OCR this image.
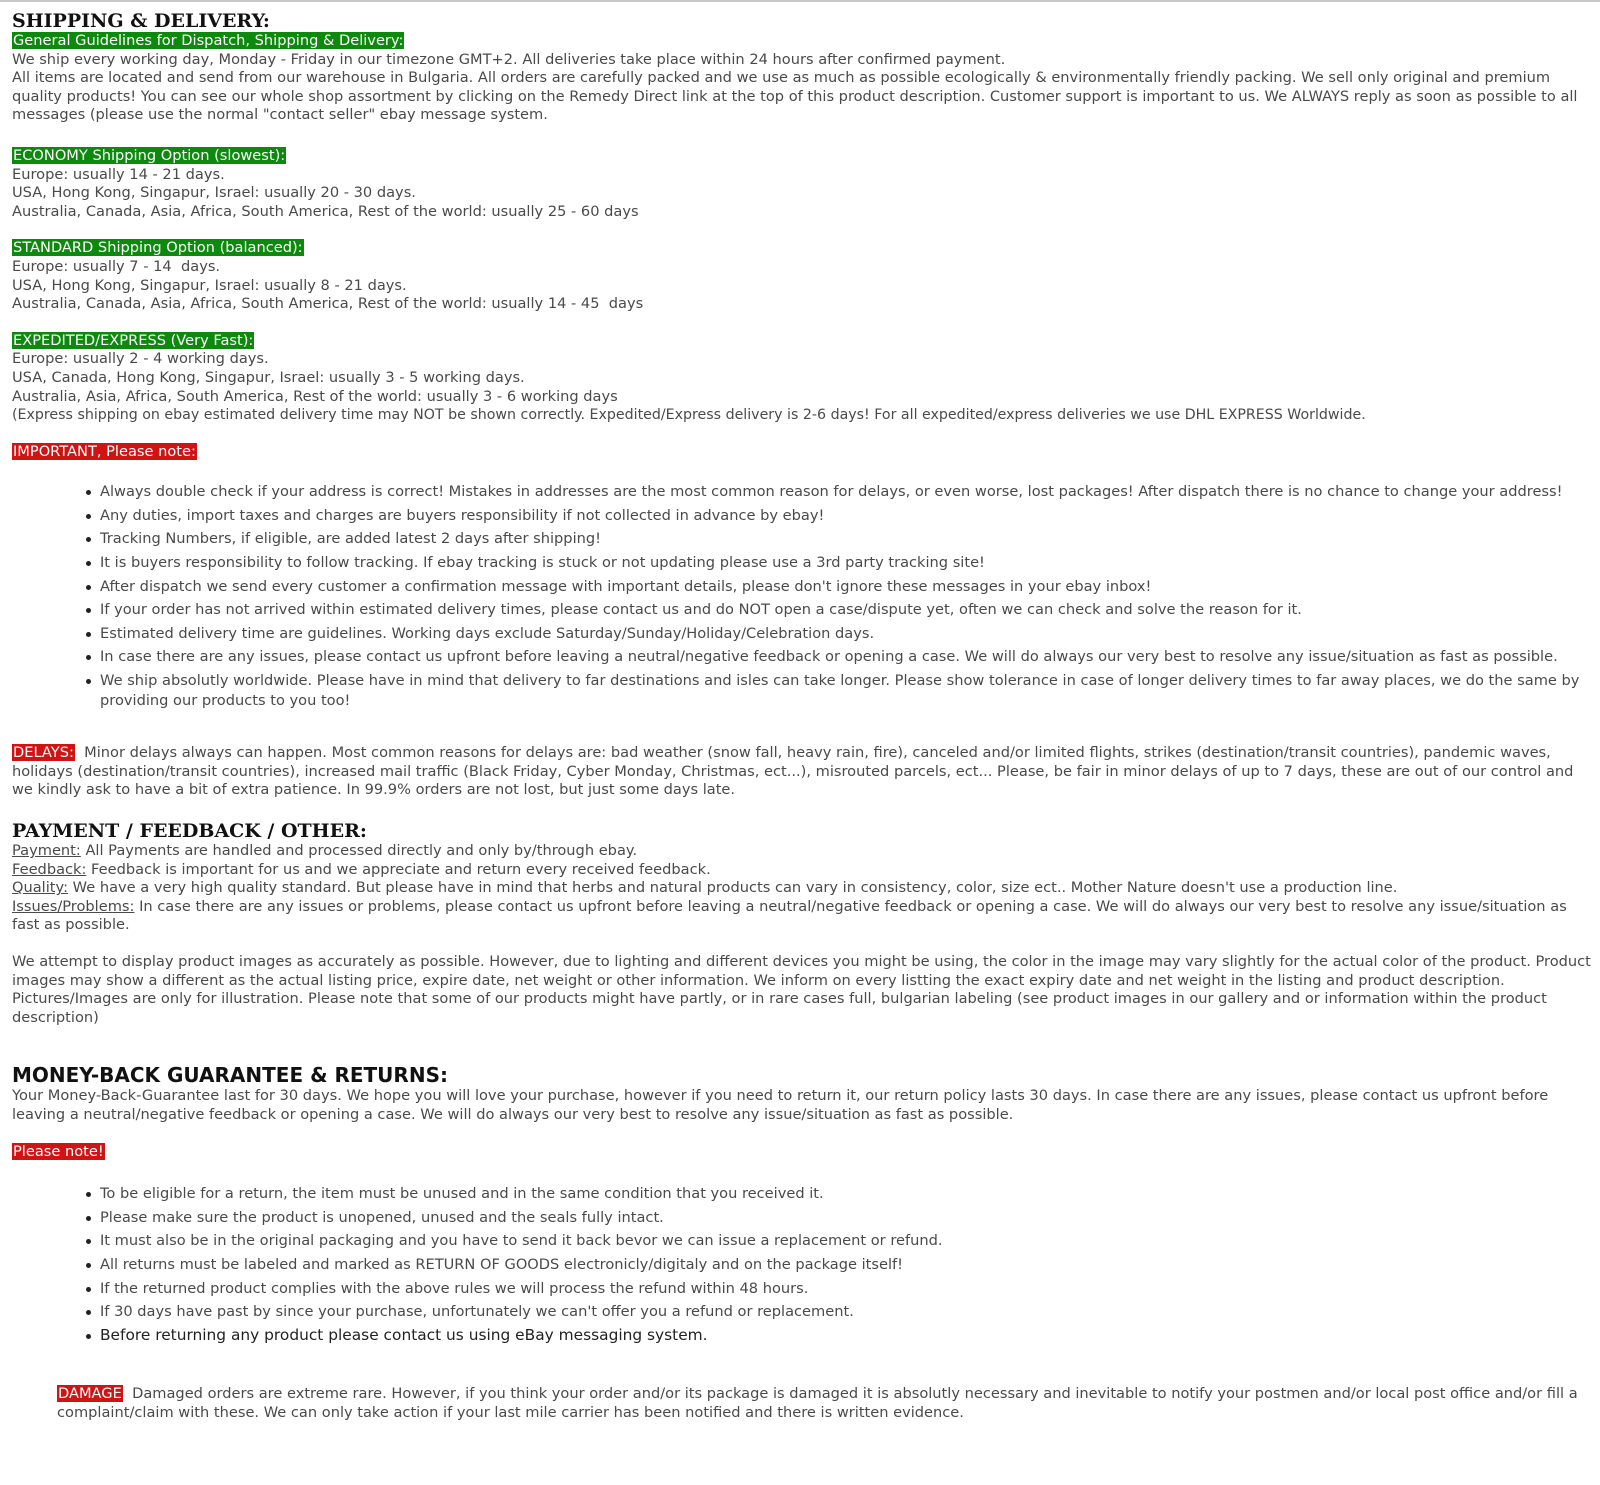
SHIPPING & DELIVERY:

General Guidelines for Dispatch, Shipping & Delivery:

We ship every working day, Monday - Friday in our timezone GMT+2. All deliveries take place within 24 hours after confirmed payment.

All items are located and send from our warehouse in Bulgaria. All orders are carefully packed and we use as much as possible ecologically & environmentally friendly packing. We sell only original and premium quality products! You can see our whole shop assortment by clicking on the Remedy Direct link at the top of this product description. Customer support is important to us. We ALWAYS reply as soon as possible to all messages (please use the normal "contact seller" ebay message system.

ECONOMY Shipping Option (slowest):

Europe: usually 14 - 21 days.

USA, Hong Kong, Singapur, Israel: usually 20 - 30 days.

Australia, Canada, Asia, Africa, South America, Rest of the world: usually 25 - 60 days

STANDARD Shipping Option (balanced):

Europe: usually 7 - 14  days.

USA, Hong Kong, Singapur, Israel: usually 8 - 21 days.

Australia, Canada, Asia, Africa, South America, Rest of the world: usually 14 - 45  days

EXPEDITED/EXPRESS (Very Fast):

Europe: usually 2 - 4 working days.

USA, Canada, Hong Kong, Singapur, Israel: usually 3 - 5 working days.

Australia, Asia, Africa, South America, Rest of the world: usually 3 - 6 working days

(Express shipping on ebay estimated delivery time may NOT be shown correctly. Expedited/Express delivery is 2-6 days! For all expedited/express deliveries we use DHL EXPRESS Worldwide.

IMPORTANT, Please note:

Always double check if your address is correct! Mistakes in addresses are the most common reason for delays, or even worse, lost packages! After dispatch there is no chance to change your address!
Any duties, import taxes and charges are buyers responsibility if not collected in advance by ebay!
Tracking Numbers, if eligible, are added latest 2 days after shipping!
It is buyers responsibility to follow tracking. If ebay tracking is stuck or not updating please use a 3rd party tracking site!
After dispatch we send every customer a confirmation message with important details, please don't ignore these messages in your ebay inbox!
If your order has not arrived within estimated delivery times, please contact us and do NOT open a case/dispute yet, often we can check and solve the reason for it.
Estimated delivery time are guidelines. Working days exclude Saturday/Sunday/Holiday/Celebration days.
In case there are any issues, please contact us upfront before leaving a neutral/negative feedback or opening a case. We will do always our very best to resolve any issue/situation as fast as possible.
We ship absolutly worldwide. Please have in mind that delivery to far destinations and isles can take longer. Please show tolerance in case of longer delivery times to far away places, we do the same by providing our products to you too!

DELAYS: Minor delays always can happen. Most common reasons for delays are: bad weather (snow fall, heavy rain, fire), canceled and/or limited flights, strikes (destination/transit countries), pandemic waves, holidays (destination/transit countries), increased mail traffic (Black Friday, Cyber Monday, Christmas, ect...), misrouted parcels, ect... Please, be fair in minor delays of up to 7 days, these are out of our control and we kindly ask to have a bit of extra patience. In 99.9% orders are not lost, but just some days late.

PAYMENT / FEEDBACK / OTHER:

Payment: All Payments are handled and processed directly and only by/through ebay.

Feedback: Feedback is important for us and we appreciate and return every received feedback.

Quality: We have a very high quality standard. But please have in mind that herbs and natural products can vary in consistency, color, size ect.. Mother Nature doesn't use a production line.

Issues/Problems: In case there are any issues or problems, please contact us upfront before leaving a neutral/negative feedback or opening a case. We will do always our very best to resolve any issue/situation as fast as possible.

We attempt to display product images as accurately as possible. However, due to lighting and different devices you might be using, the color in the image may vary slightly for the actual color of the product. Product images may show a different as the actual listing price, expire date, net weight or other information. We inform on every listting the exact expiry date and net weight in the listing and product description. Pictures/Images are only for illustration. Please note that some of our products might have partly, or in rare cases full, bulgarian labeling (see product images in our gallery and or information within the product description)

MONEY-BACK GUARANTEE & RETURNS:

Your Money-Back-Guarantee last for 30 days. We hope you will love your purchase, however if you need to return it, our return policy lasts 30 days. In case there are any issues, please contact us upfront before leaving a neutral/negative feedback or opening a case. We will do always our very best to resolve any issue/situation as fast as possible.

Please note!

To be eligible for a return, the item must be unused and in the same condition that you received it.
Please make sure the product is unopened, unused and the seals fully intact.
It must also be in the original packaging and you have to send it back bevor we can issue a replacement or refund.
All returns must be labeled and marked as RETURN OF GOODS electronicly/digitaly and on the package itself!
If the returned product complies with the above rules we will process the refund within 48 hours.
If 30 days have past by since your purchase, unfortunately we can't offer you a refund or replacement.
Before returning any product please contact us using eBay messaging system.

DAMAGE Damaged orders are extreme rare. However, if you think your order and/or its package is damaged it is absolutly necessary and inevitable to notify your postmen and/or local post office and/or fill a complaint/claim with these. We can only take action if your last mile carrier has been notified and there is written evidence.
